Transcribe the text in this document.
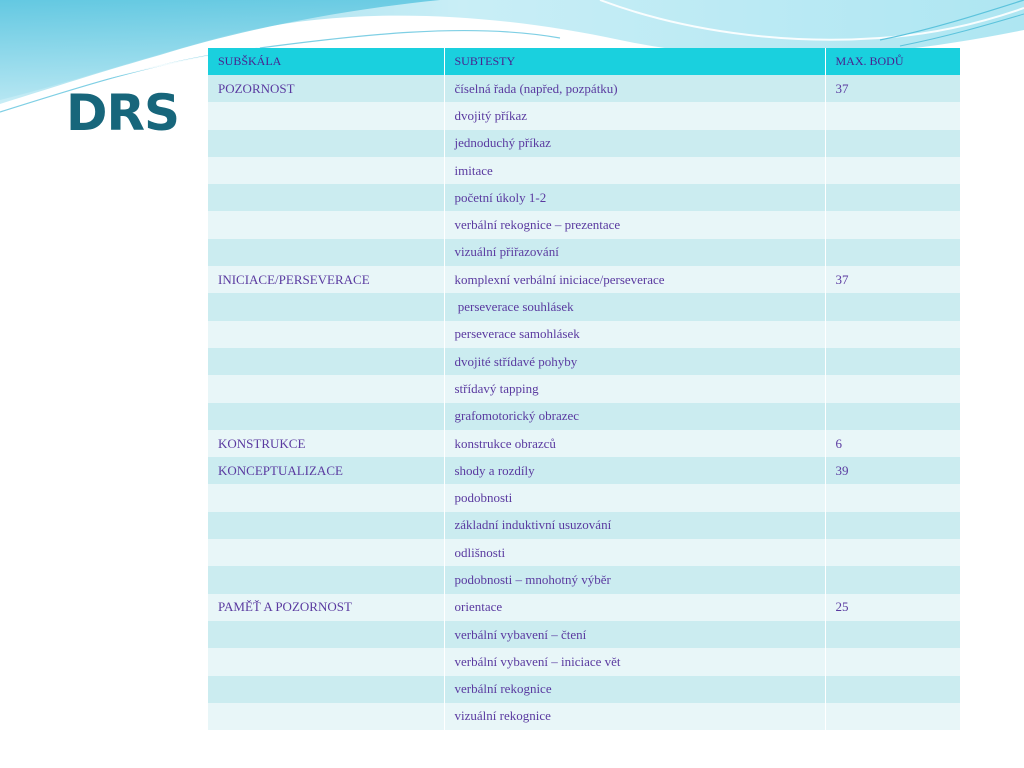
DRS
SUBŠKÁLA	SUBTESTY	MAX. BODŮ
POZORNOST	číselná řada (napřed, pozpátku)	37
	dvojitý příkaz	
	jednoduchý příkaz	
	imitace	
	početní úkoly 1-2	
	verbální rekognice – prezentace	
	vizuální přiřazování	
INICIACE/PERSEVERACE	komplexní verbální iniciace/perseverace	37
	perseverace souhlásek	
	perseverace samohlásek	
	dvojité střídavé pohyby	
	střídavý tapping	
	grafomotorický obrazec	
KONSTRUKCE	konstrukce obrazců	6
KONCEPTUALIZACE	shody a rozdíly	39
	podobnosti	
	základní induktivní usuzování	
	odlišnosti	
	podobnosti – mnohotný výběr	
PAMĚŤ A POZORNOST	orientace	25
	verbální vybavení – čtení	
	verbální vybavení – iniciace vět	
	verbální rekognice	
	vizuální rekognice	
